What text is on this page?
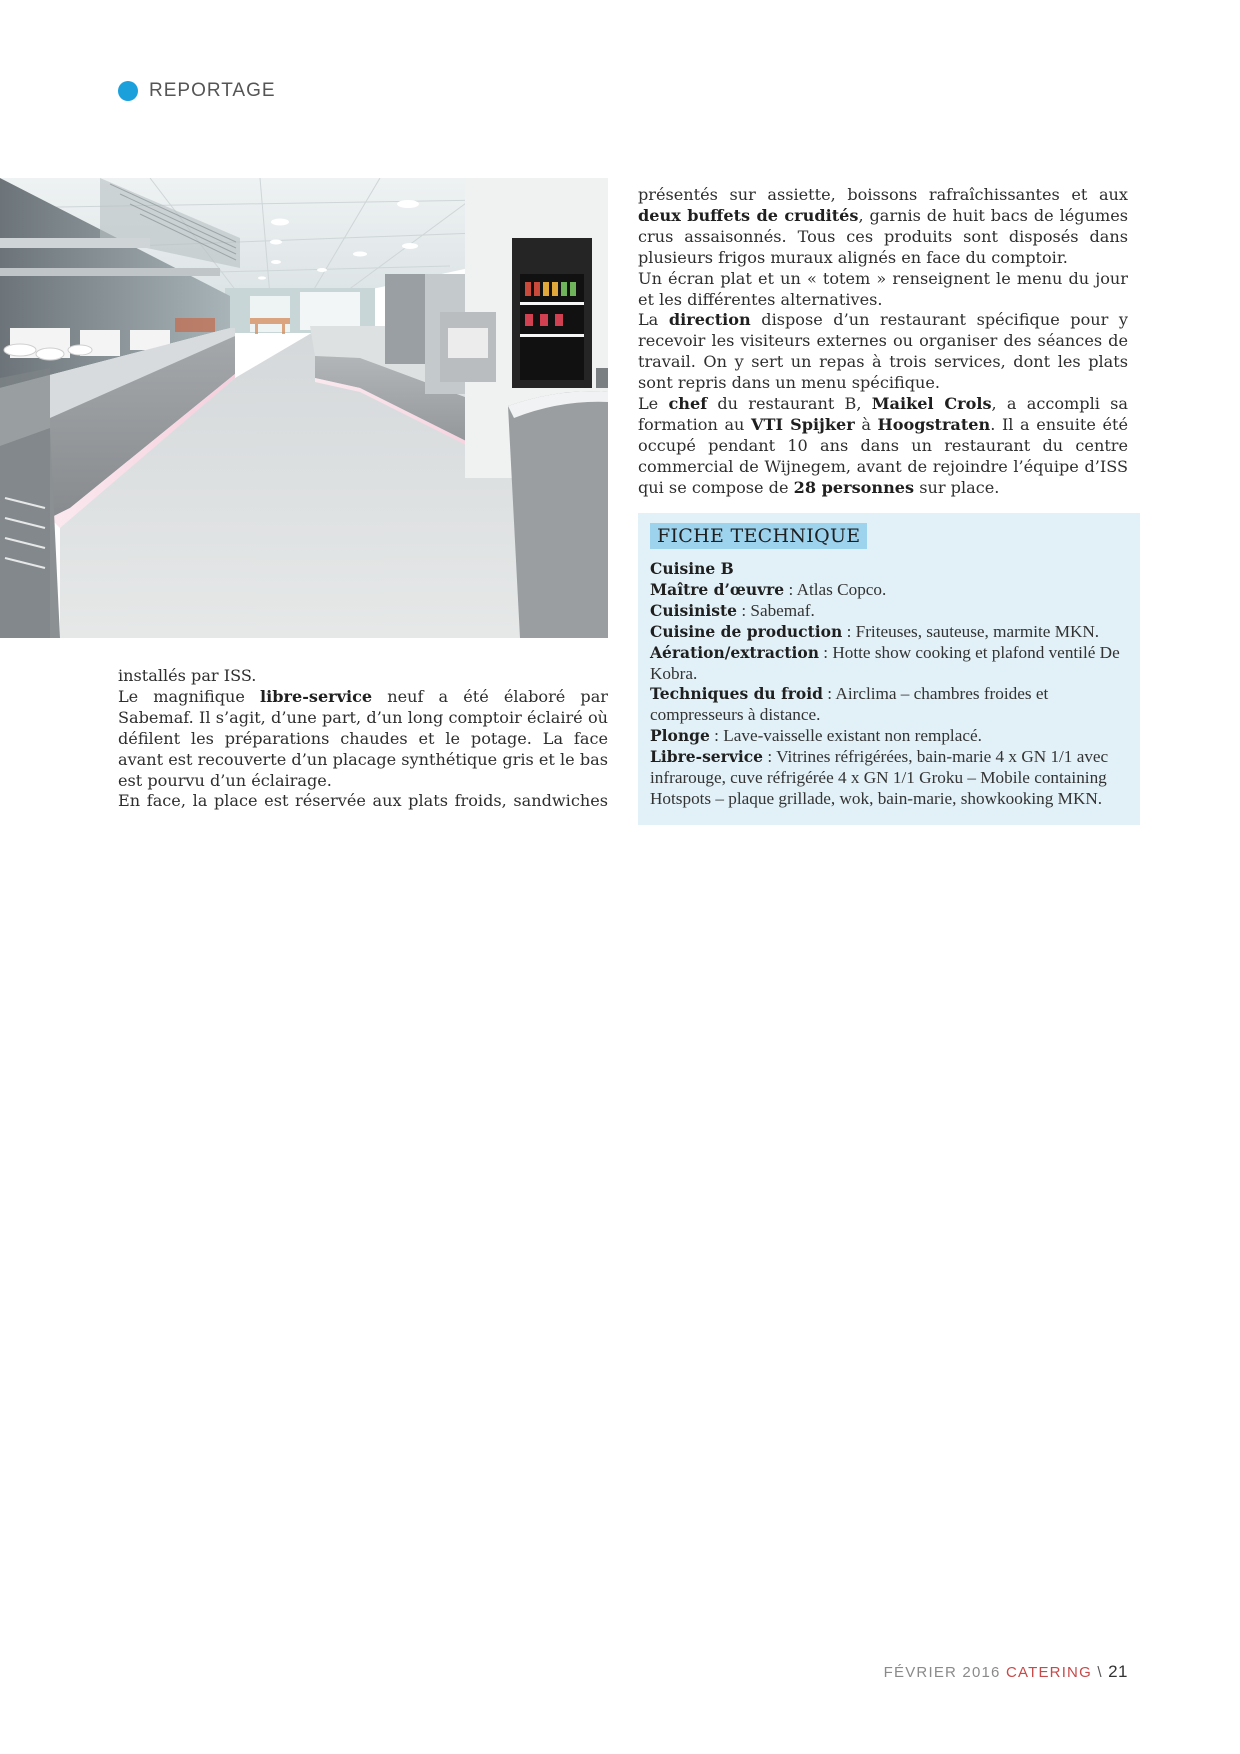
REPORTAGE

installés par ISS.

Le magnifique libre-service neuf a été élaboré par Sabemaf. Il s’agit, d’une part, d’un long comptoir éclairé où défilent les préparations chaudes et le potage. La face avant est recouverte d’un placage synthétique gris et le bas est pourvu d’un éclairage.

En face, la place est réservée aux plats froids, sandwiches

présentés sur assiette, boissons rafraîchissantes et aux deux buffets de crudités, garnis de huit bacs de légumes crus assaisonnés. Tous ces produits sont disposés dans plusieurs frigos muraux alignés en face du comptoir.

Un écran plat et un « totem » renseignent le menu du jour et les différentes alternatives.

La direction dispose d’un restaurant spécifique pour y recevoir les visiteurs externes ou organiser des séances de travail. On y sert un repas à trois services, dont les plats sont repris dans un menu spécifique.

Le chef du restaurant B, Maikel Crols, a accompli sa formation au VTI Spijker à Hoogstraten. Il a ensuite été occupé pendant 10 ans dans un restaurant du centre commercial de Wijnegem, avant de rejoindre l’équipe d’ISS qui se compose de 28 personnes sur place.

FICHE TECHNIQUE

Cuisine B

Maître d’œuvre : Atlas Copco.

Cuisiniste : Sabemaf.

Cuisine de production : Friteuses, sauteuse, marmite MKN.

Aération/extraction : Hotte show cooking et plafond ventilé De Kobra.

Techniques du froid : Airclima – chambres froides et compresseurs à distance.

Plonge : Lave-vaisselle existant non remplacé.

Libre-service : Vitrines réfrigérées, bain-marie 4 x GN 1/1 avec infrarouge, cuve réfrigérée 4 x GN 1/1 Groku – Mobile containing Hotspots – plaque grillade, wok, bain-marie, showkooking MKN.

FÉVRIER 2016 CATERING \ 21
